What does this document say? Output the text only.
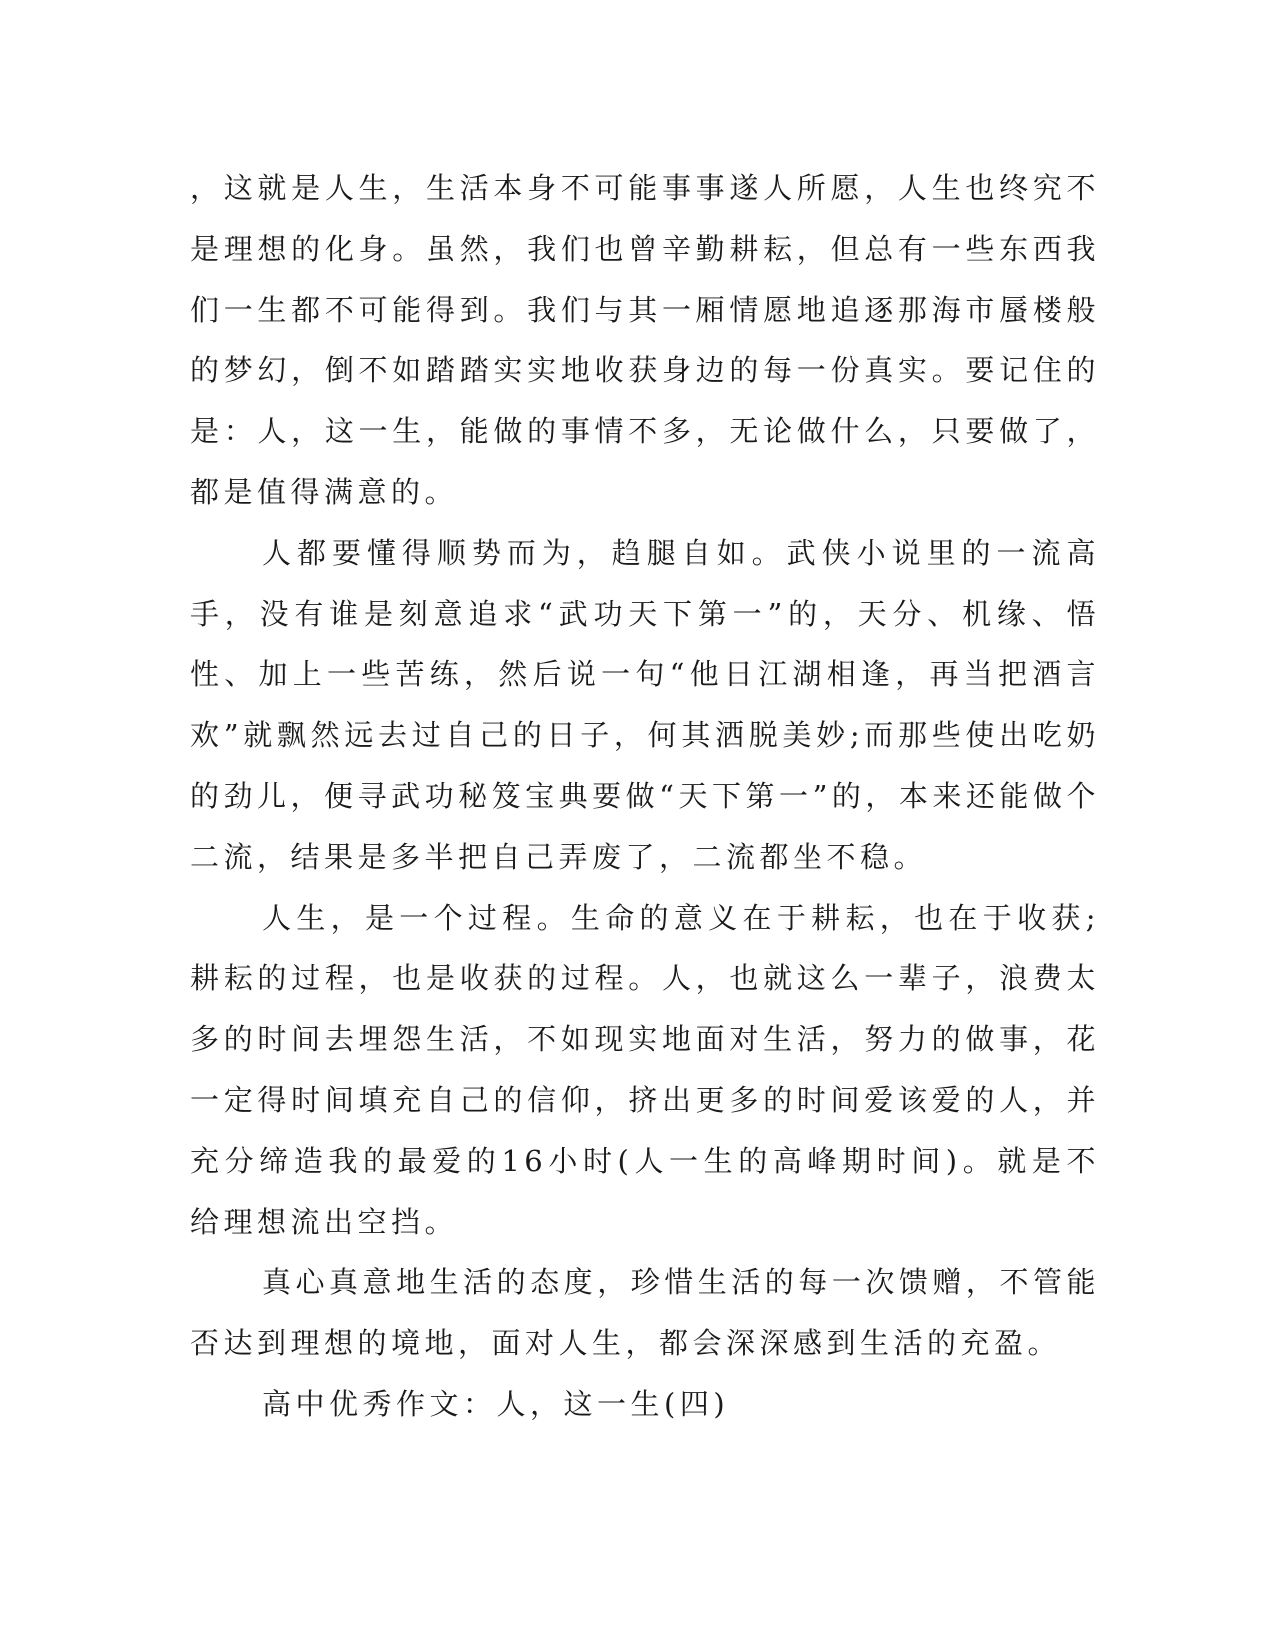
，这就是人生，生活本身不可能事事遂人所愿，人生也终究不是理想的化身。虽然，我们也曾辛勤耕耘，但总有一些东西我们一生都不可能得到。我们与其一厢情愿地追逐那海市蜃楼般的梦幻，倒不如踏踏实实地收获身边的每一份真实。要记住的是：人，这一生，能做的事情不多，无论做什么，只要做了，都是值得满意的。

人都要懂得顺势而为，趋腿自如。武侠小说里的一流高手，没有谁是刻意追求“武功天下第一”的，天分、机缘、悟性、加上一些苦练，然后说一句“他日江湖相逢，再当把酒言欢”就飘然远去过自己的日子，何其洒脱美妙;而那些使出吃奶的劲儿，便寻武功秘笈宝典要做“天下第一”的，本来还能做个二流，结果是多半把自己弄废了，二流都坐不稳。

人生，是一个过程。生命的意义在于耕耘，也在于收获;耕耘的过程，也是收获的过程。人，也就这么一辈子，浪费太多的时间去埋怨生活，不如现实地面对生活，努力的做事，花一定得时间填充自己的信仰，挤出更多的时间爱该爱的人，并充分缔造我的最爱的16小时(人一生的高峰期时间)。就是不给理想流出空挡。

真心真意地生活的态度，珍惜生活的每一次馈赠，不管能否达到理想的境地，面对人生，都会深深感到生活的充盈。

高中优秀作文：人，这一生(四)
